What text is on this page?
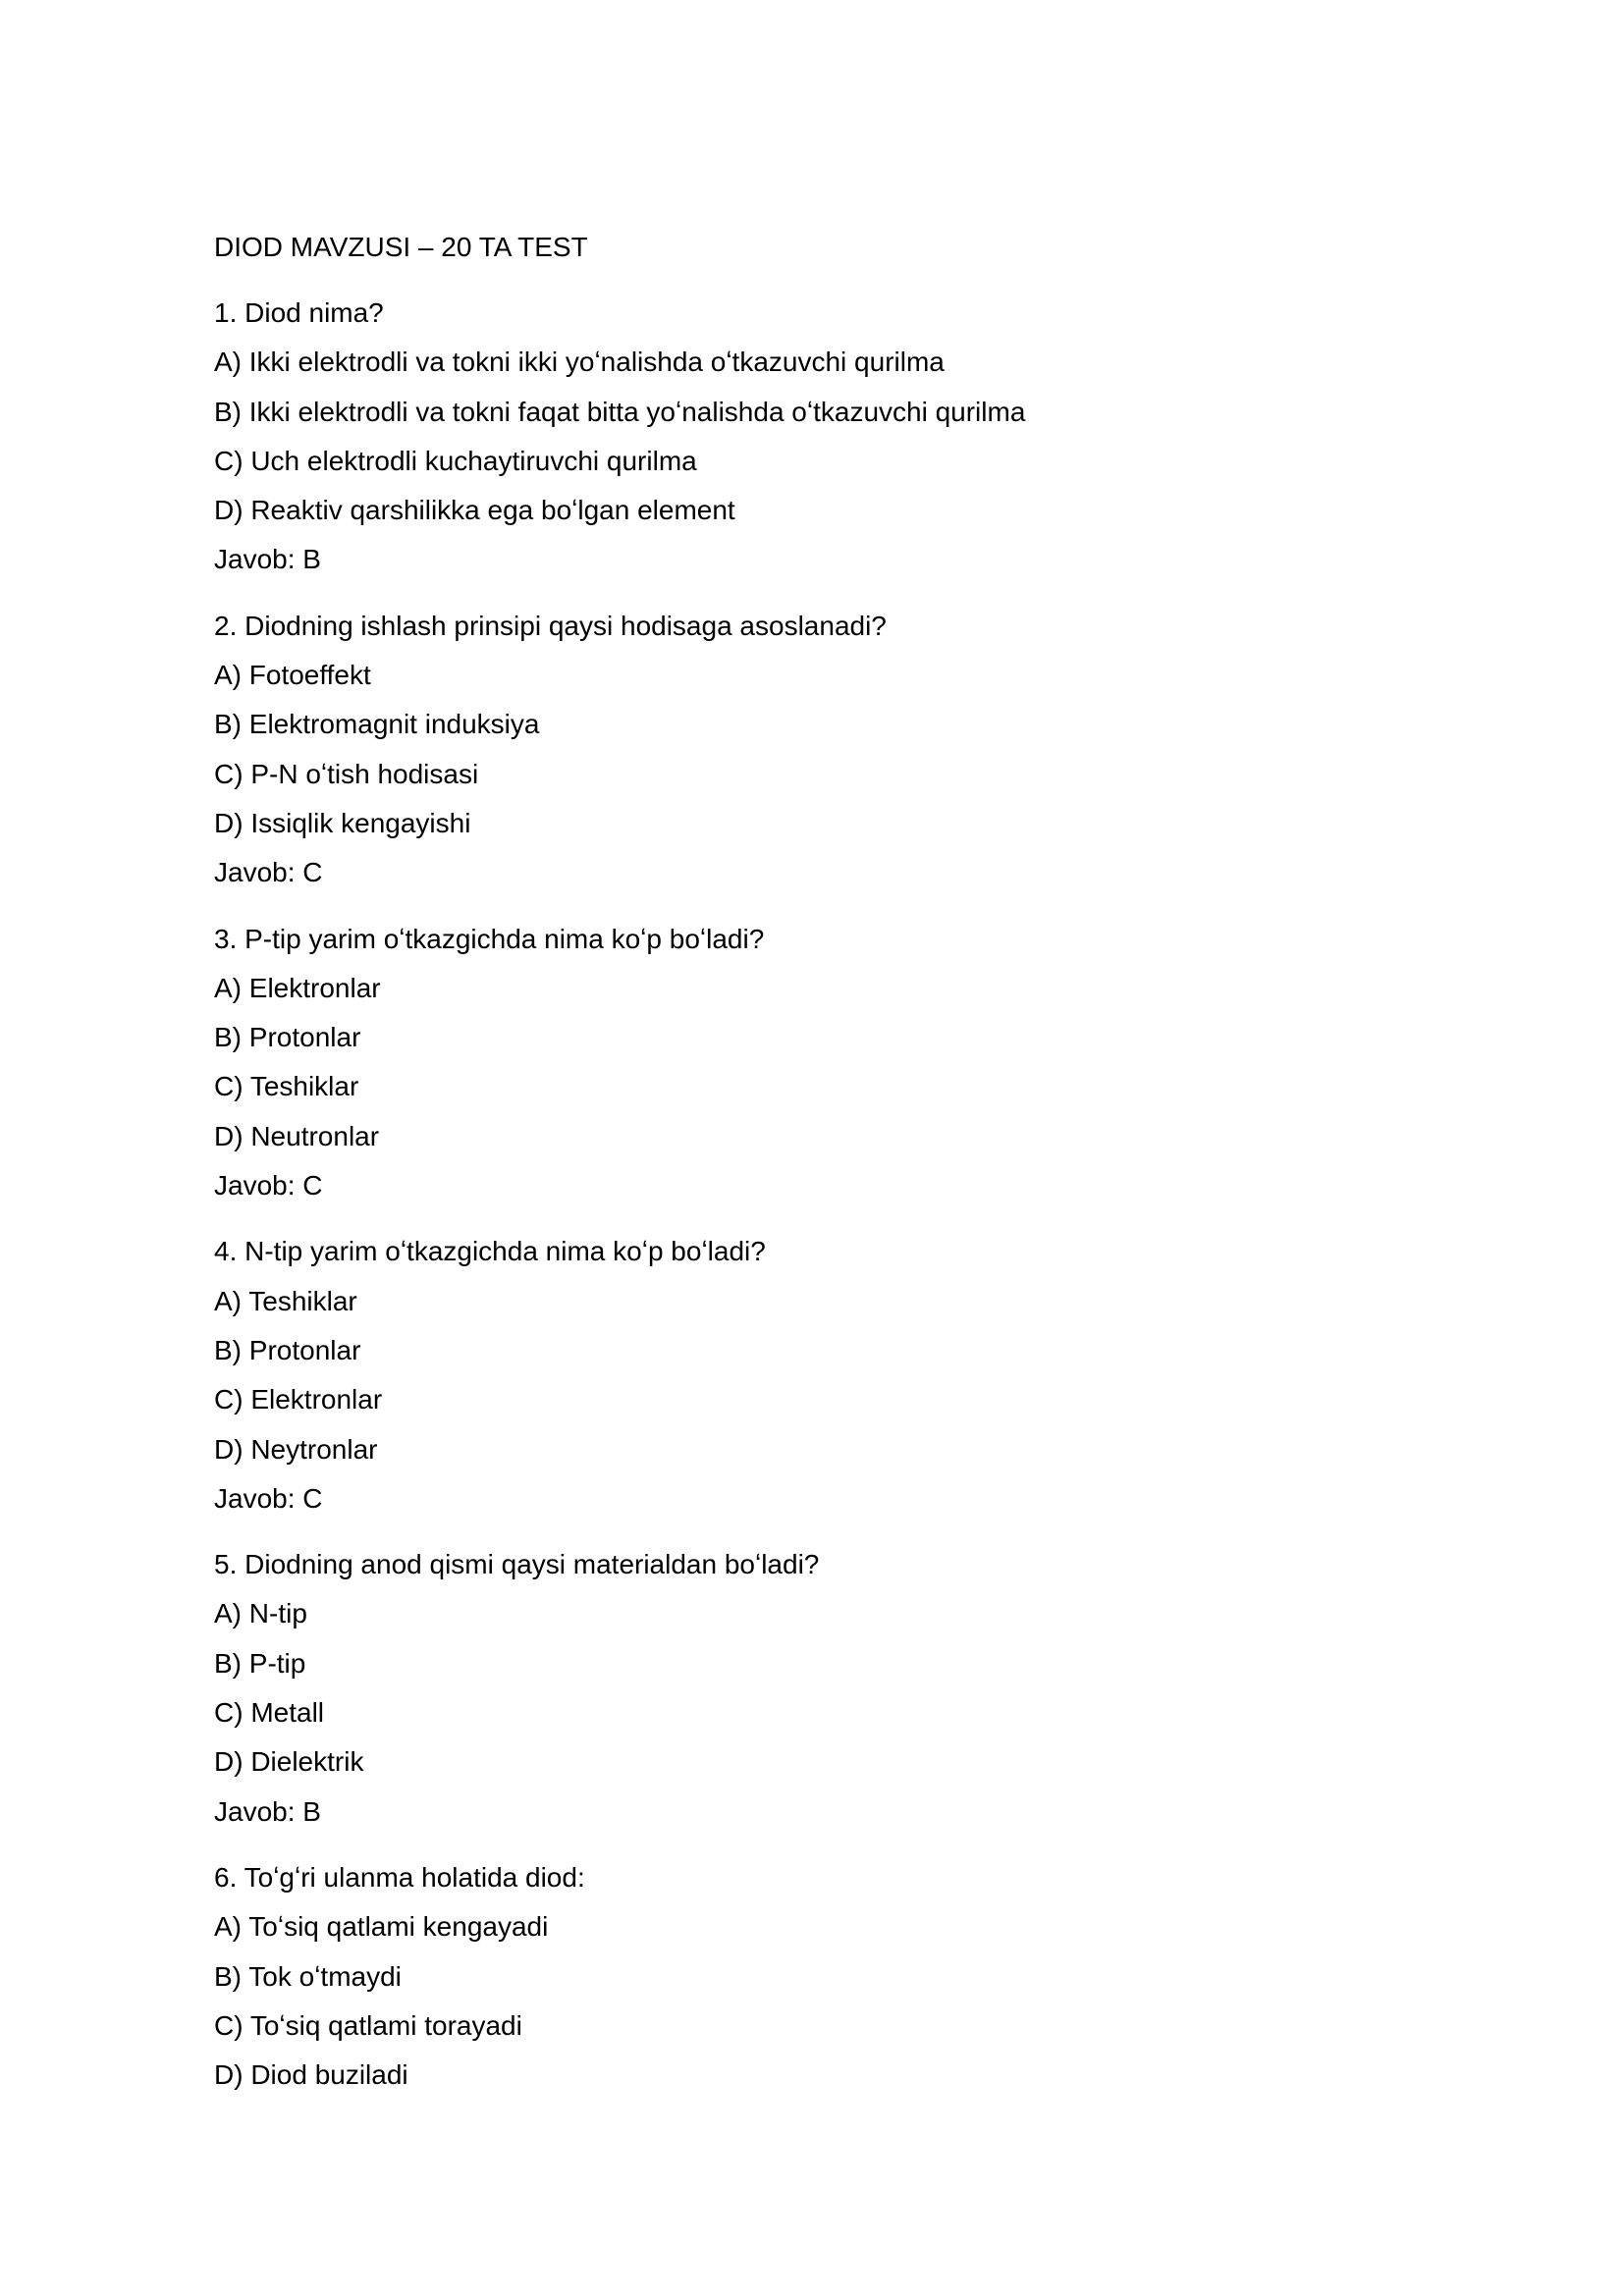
DIOD MAVZUSI – 20 TA TEST
1. Diod nima?
A) Ikki elektrodli va tokni ikki yoʻnalishda oʻtkazuvchi qurilma
B) Ikki elektrodli va tokni faqat bitta yoʻnalishda oʻtkazuvchi qurilma
C) Uch elektrodli kuchaytiruvchi qurilma
D) Reaktiv qarshilikka ega boʻlgan element
Javob: B
2. Diodning ishlash prinsipi qaysi hodisaga asoslanadi?
A) Fotoeffekt
B) Elektromagnit induksiya
C) P-N oʻtish hodisasi
D) Issiqlik kengayishi
Javob: C
3. P-tip yarim oʻtkazgichda nima koʻp boʻladi?
A) Elektronlar
B) Protonlar
C) Teshiklar
D) Neutronlar
Javob: C
4. N-tip yarim oʻtkazgichda nima koʻp boʻladi?
A) Teshiklar
B) Protonlar
C) Elektronlar
D) Neytronlar
Javob: C
5. Diodning anod qismi qaysi materialdan boʻladi?
A) N-tip
B) P-tip
C) Metall
D) Dielektrik
Javob: B
6. Toʻgʻri ulanma holatida diod:
A) Toʻsiq qatlami kengayadi
B) Tok oʻtmaydi
C) Toʻsiq qatlami torayadi
D) Diod buziladi
